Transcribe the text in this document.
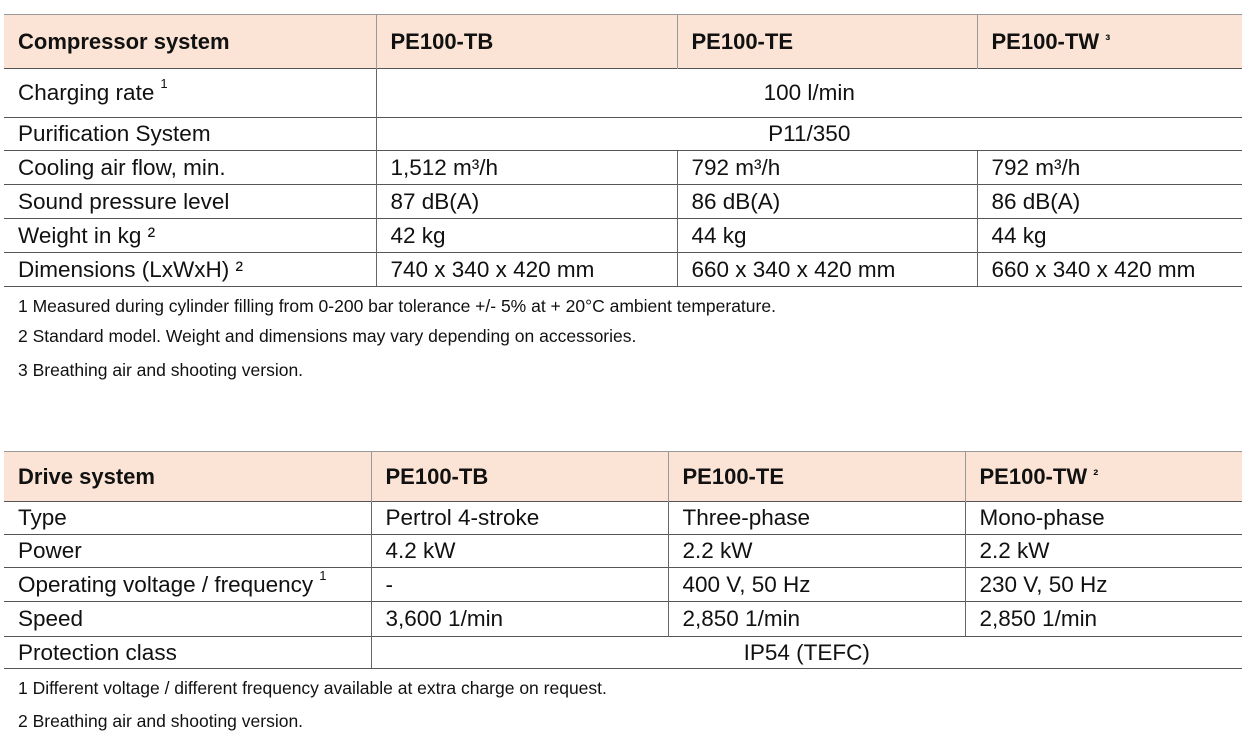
Compressor system	PE100-TB	PE100-TE	PE100-TW ³
Charging rate $^1$	100 l/min		
Purification System	P11/350		
Cooling air flow, min.	1,512 m³/h	792 m³/h	792 m³/h
Sound pressure level	87 dB(A)	86 dB(A)	86 dB(A)
Weight in kg ²	42 kg	44 kg	44 kg
Dimensions (LxWxH) ²	740 x 340 x 420 mm	660 x 340 x 420 mm	660 x 340 x 420 mm
1 Measured during cylinder filling from 0-200 bar tolerance +/- 5% at + 20°C ambient temperature.
2 Standard model. Weight and dimensions may vary depending on accessories.
3 Breathing air and shooting version.
Drive system	PE100-TB	PE100-TE	PE100-TW ²
Type	Pertrol 4-stroke	Three-phase	Mono-phase
Power	4.2 kW	2.2 kW	2.2 kW
Operating voltage / frequency $^1$	-	400 V, 50 Hz	230 V, 50 Hz
Speed	3,600 1/min	2,850 1/min	2,850 1/min
Protection class	IP54 (TEFC)		
1 Different voltage / different frequency available at extra charge on request.
2 Breathing air and shooting version.
